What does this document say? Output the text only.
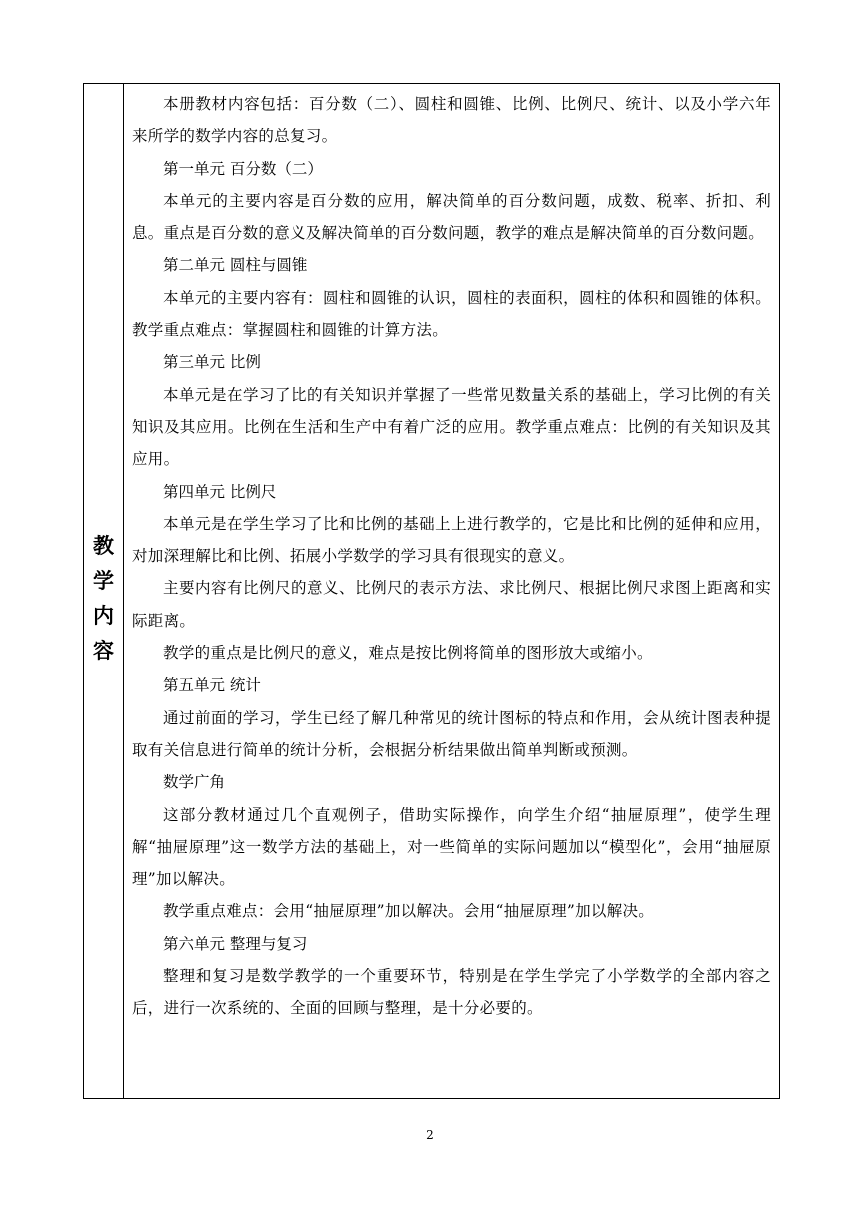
教
学
内
容

本册教材内容包括：百分数（二）、圆柱和圆锥、比例、比例尺、统计、以及小学六年来所学的数学内容的总复习。

第一单元 百分数（二）

本单元的主要内容是百分数的应用，解决简单的百分数问题，成数、税率、折扣、利息。重点是百分数的意义及解决简单的百分数问题，教学的难点是解决简单的百分数问题。

第二单元 圆柱与圆锥

本单元的主要内容有：圆柱和圆锥的认识，圆柱的表面积，圆柱的体积和圆锥的体积。教学重点难点：掌握圆柱和圆锥的计算方法。

第三单元 比例

本单元是在学习了比的有关知识并掌握了一些常见数量关系的基础上，学习比例的有关知识及其应用。比例在生活和生产中有着广泛的应用。教学重点难点：比例的有关知识及其应用。

第四单元 比例尺

本单元是在学生学习了比和比例的基础上上进行教学的，它是比和比例的延伸和应用，对加深理解比和比例、拓展小学数学的学习具有很现实的意义。

主要内容有比例尺的意义、比例尺的表示方法、求比例尺、根据比例尺求图上距离和实际距离。

教学的重点是比例尺的意义，难点是按比例将简单的图形放大或缩小。

第五单元 统计

通过前面的学习，学生已经了解几种常见的统计图标的特点和作用，会从统计图表种提取有关信息进行简单的统计分析，会根据分析结果做出简单判断或预测。

数学广角

这部分教材通过几个直观例子，借助实际操作，向学生介绍“抽屉原理”，使学生理解“抽屉原理”这一数学方法的基础上，对一些简单的实际问题加以“模型化”，会用“抽屉原理”加以解决。

教学重点难点：会用“抽屉原理”加以解决。会用“抽屉原理”加以解决。

第六单元 整理与复习

整理和复习是数学教学的一个重要环节，特别是在学生学完了小学数学的全部内容之后，进行一次系统的、全面的回顾与整理，是十分必要的。

2
